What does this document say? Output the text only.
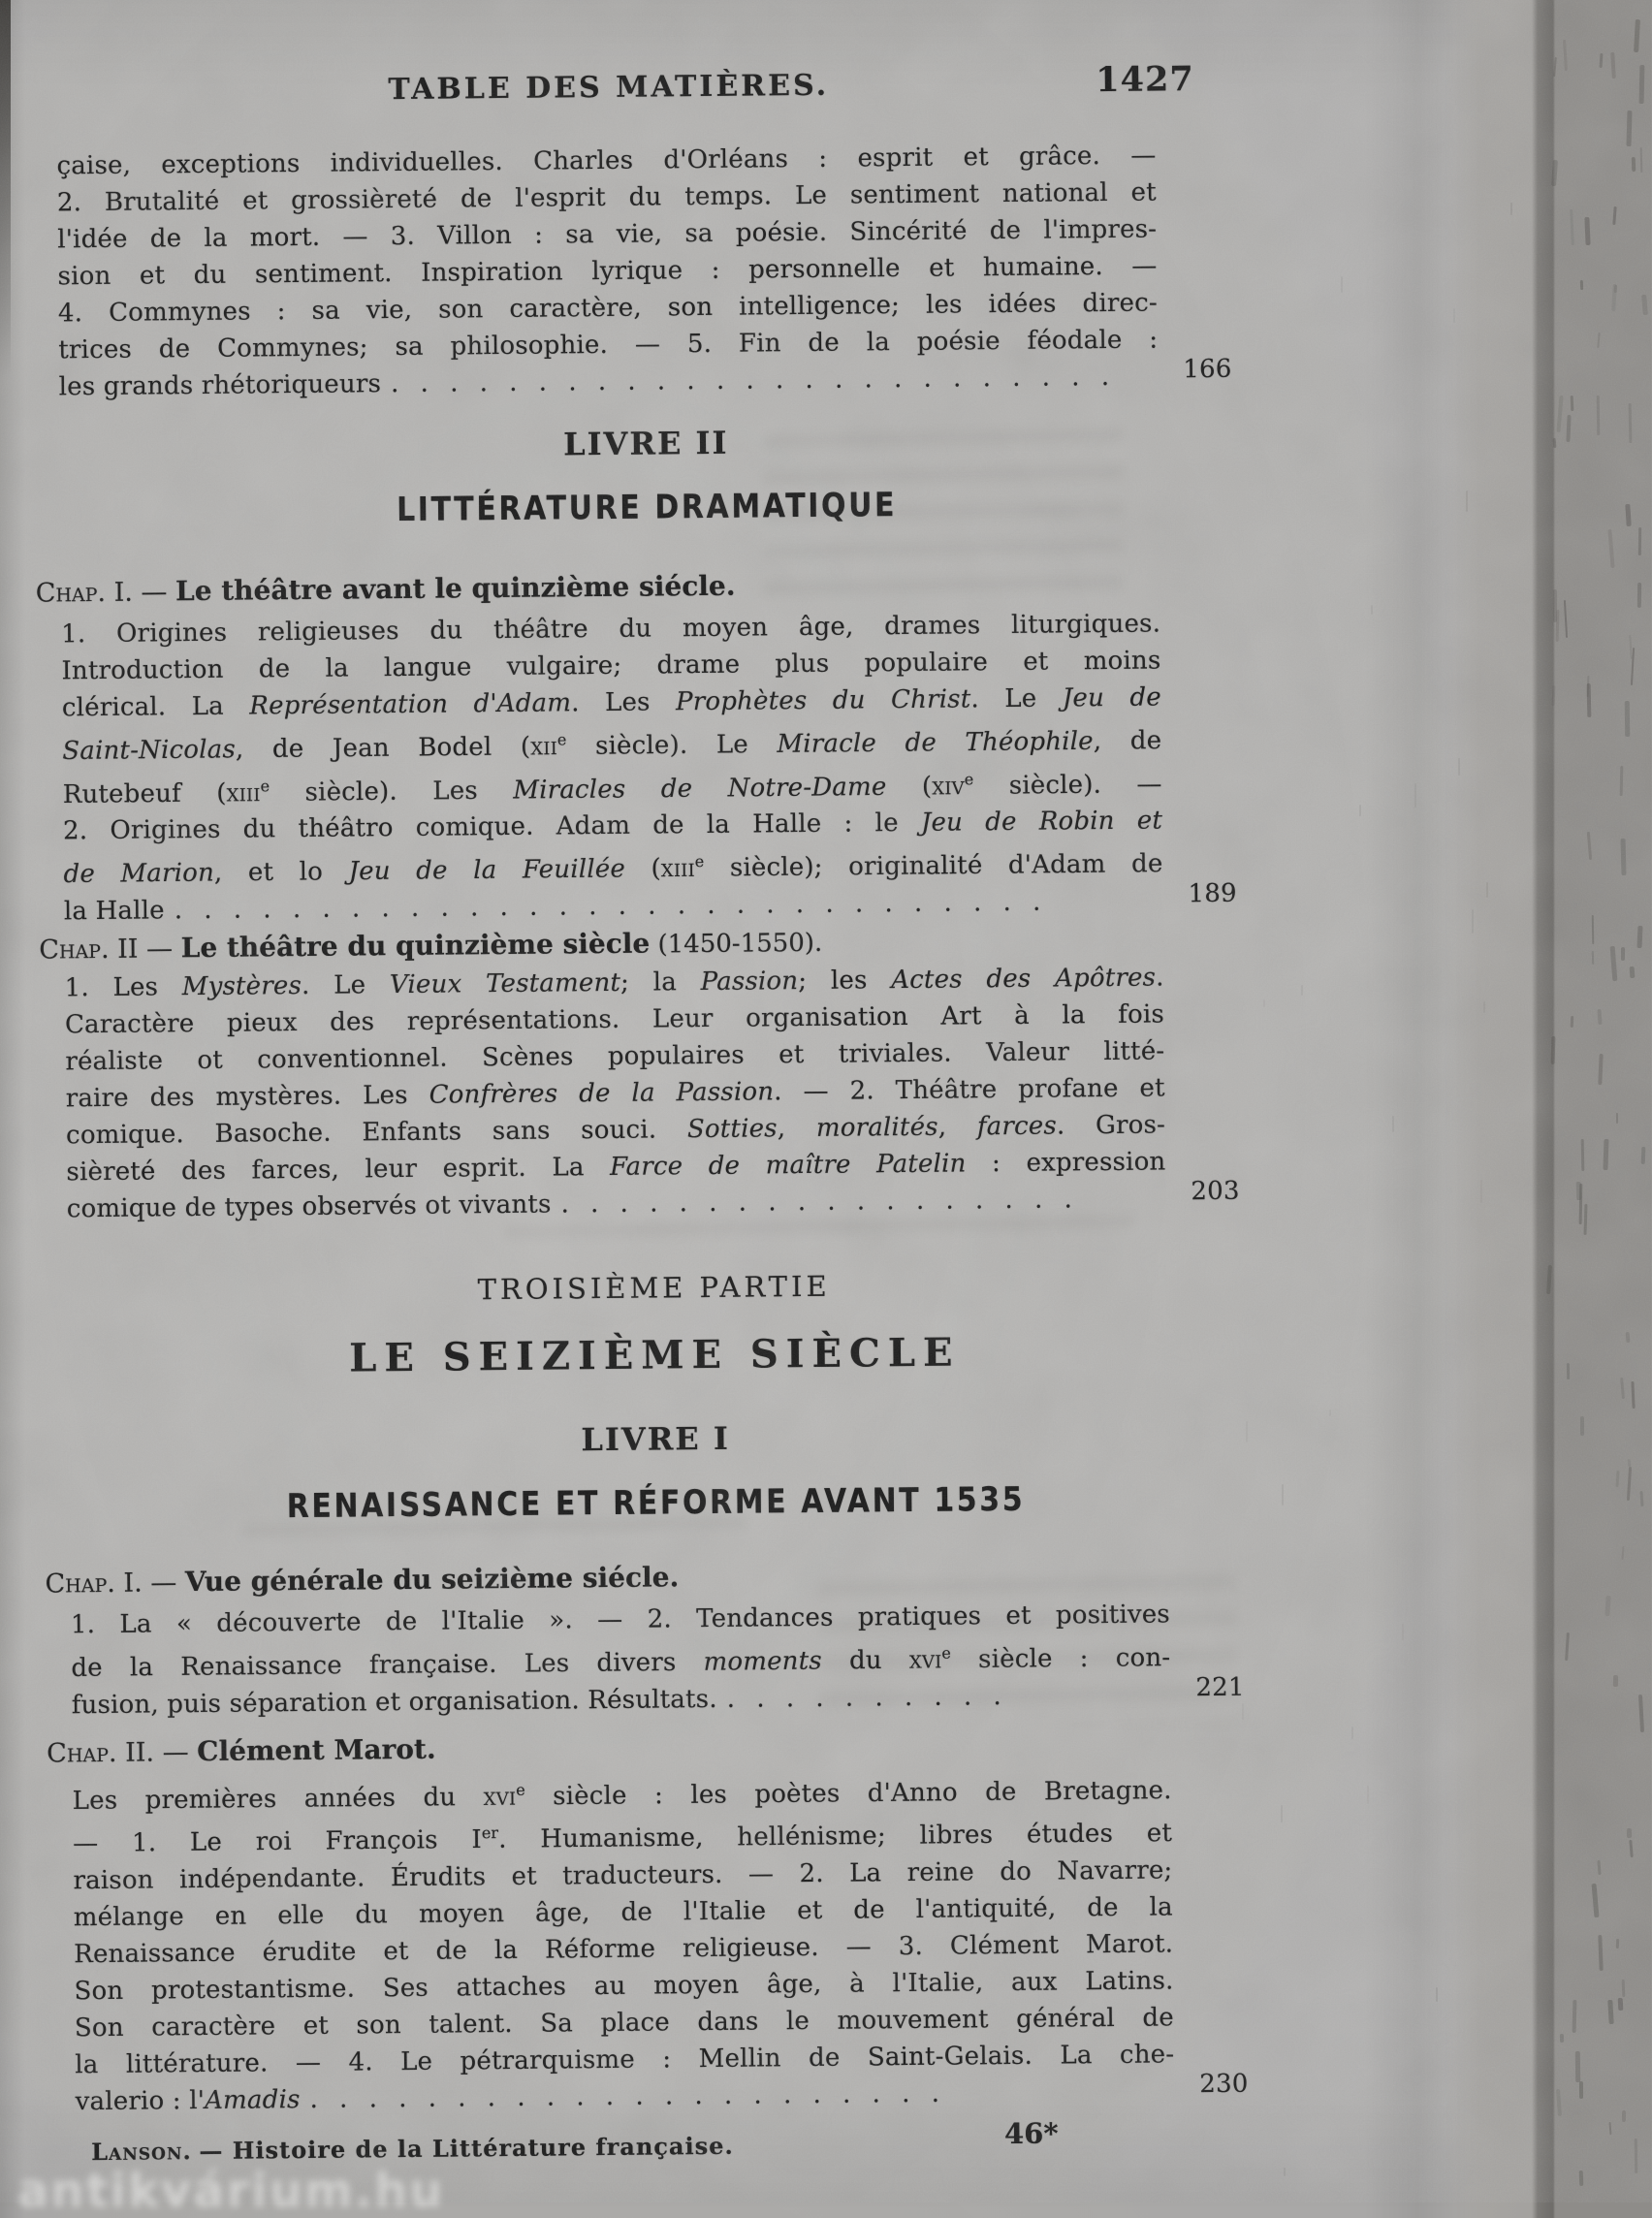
TABLE DES MATIÈRES.	1427
çaise, exceptions individuelles. Charles d'Orléans : esprit et grâce. —
2. Brutalité et grossièreté de l'esprit du temps. Le sentiment national et
l'idée de la mort. — 3. Villon : sa vie, sa poésie. Sincérité de l'impres-
sion et du sentiment. Inspiration lyrique : personnelle et humaine. —
4. Commynes : sa vie, son caractère, son intelligence; les idées direc-
trices de Commynes; sa philosophie. — 5. Fin de la poésie féodale :
les grands rhétoriqueurs . . . . . . . . . . . . . . . . . . . . . . . . .	166
LIVRE II
LITTÉRATURE DRAMATIQUE
Chap. I. — Le théâtre avant le quinzième siécle.
1. Origines religieuses du théâtre du moyen âge, drames liturgiques.
Introduction de la langue vulgaire; drame plus populaire et moins
clérical. La Représentation d'Adam. Les Prophètes du Christ. Le Jeu de
Saint-Nicolas, de Jean Bodel (xii$^e$ siècle). Le Miracle de Théophile, de
Rutebeuf (xiii$^e$ siècle). Les Miracles de Notre-Dame (xiv$^e$ siècle). —
2. Origines du théâtro comique. Adam de la Halle : le Jeu de Robin et
de Marion, et lo Jeu de la Feuillée (xiii$^e$ siècle); originalité d'Adam de
la Halle . . . . . . . . . . . . . . . . . . . . . . . . . . . . . .	189
Chap. II — Le théâtre du quinzième siècle (1450-1550).
1. Les Mystères. Le Vieux Testament; la Passion; les Actes des Apôtres.
Caractère pieux des représentations. Leur organisation Art à la fois
réaliste ot conventionnel. Scènes populaires et triviales. Valeur litté-
raire des mystères. Les Confrères de la Passion. — 2. Théâtre profane et
comique. Basoche. Enfants sans souci. Sotties, moralités, farces. Gros-
sièreté des farces, leur esprit. La Farce de maître Patelin : expression
comique de types observés ot vivants . . . . . . . . . . . . . . . . . .	203
TROISIÈME PARTIE
LE SEIZIÈME SIÈCLE
LIVRE I
RENAISSANCE ET RÉFORME AVANT 1535
Chap. I. — Vue générale du seizième siécle.
1. La « découverte de l'Italie ». — 2. Tendances pratiques et positives
de la Renaissance française. Les divers moments du xvi$^e$ siècle : con-
fusion, puis séparation et organisation. Résultats. . . . . . . . . . .	221
Chap. II. — Clément Marot.
Les premières années du xvi$^e$ siècle : les poètes d'Anno de Bretagne.
— 1. Le roi François Ier. Humanisme, hellénisme; libres études et
raison indépendante. Érudits et traducteurs. — 2. La reine do Navarre;
mélange en elle du moyen âge, de l'Italie et de l'antiquité, de la
Renaissance érudite et de la Réforme religieuse. — 3. Clément Marot.
Son protestantisme. Ses attaches au moyen âge, à l'Italie, aux Latins.
Son caractère et son talent. Sa place dans le mouvement général de
la littérature. — 4. Le pétrarquisme : Mellin de Saint-Gelais. La che-
valerio : l'Amadis . . . . . . . . . . . . . . . . . . . . . .	230
Lanson. — Histoire de la Littérature française.	46*
antikvárium.hu
